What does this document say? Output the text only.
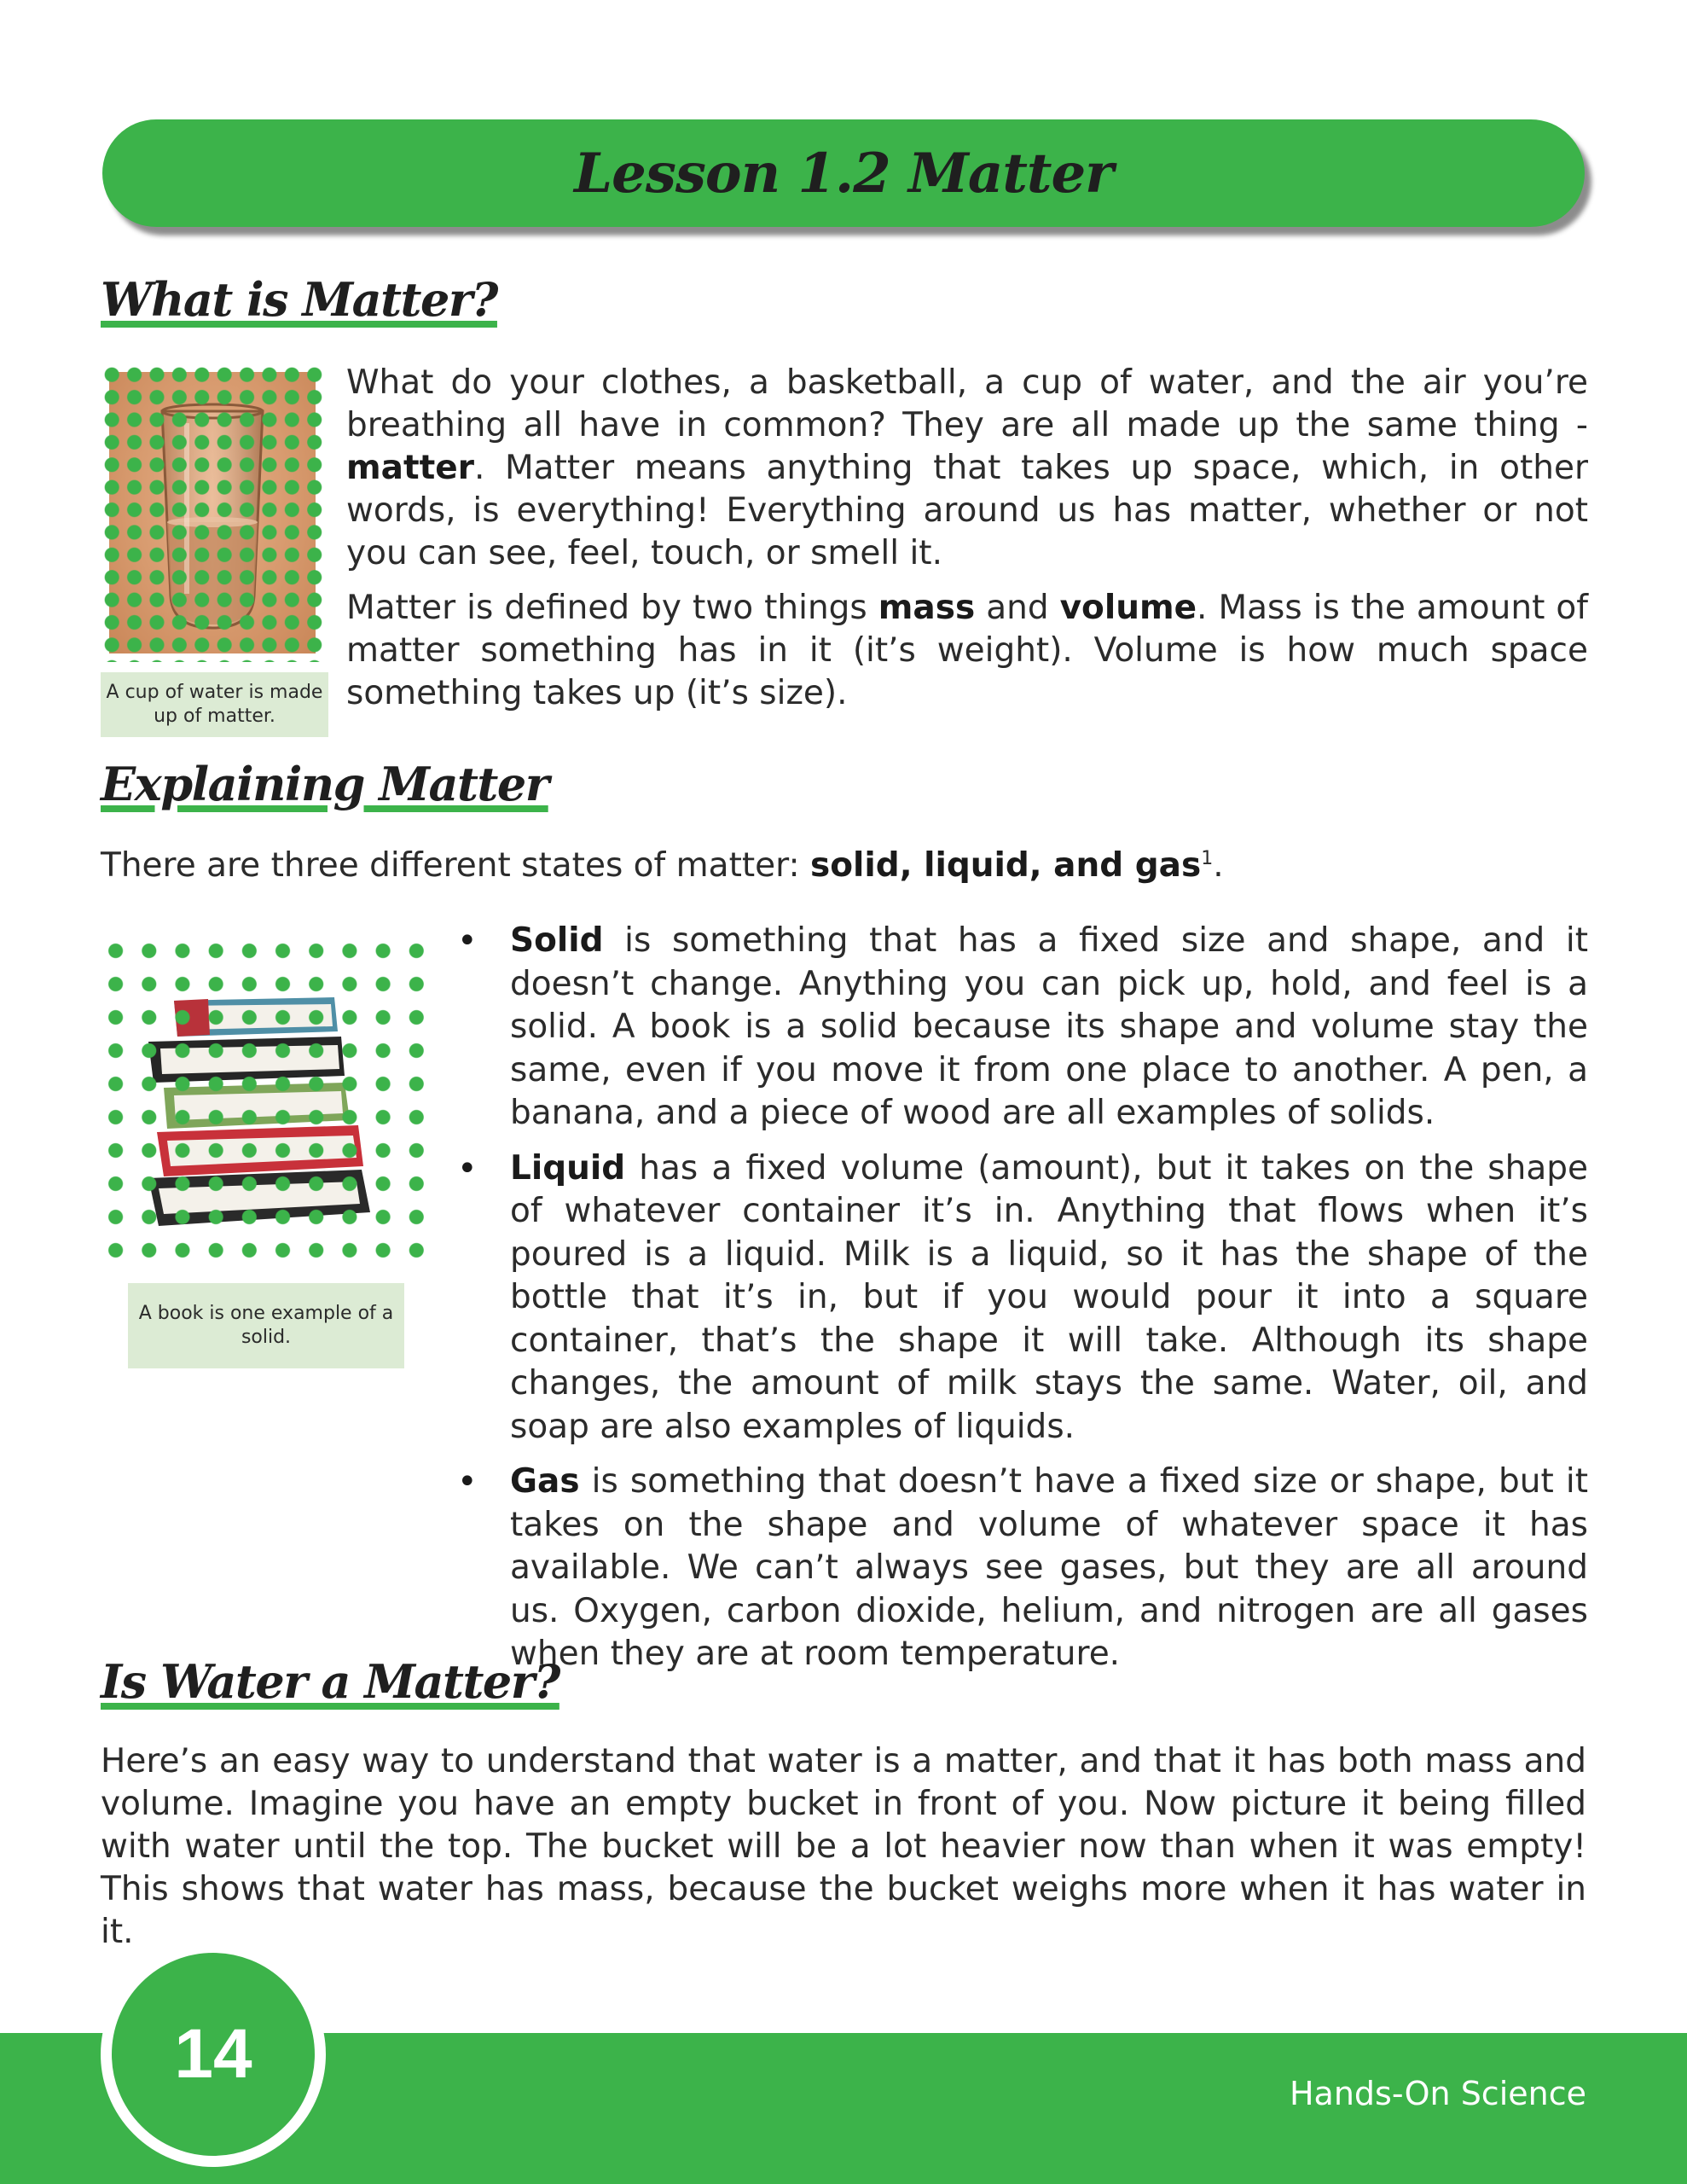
Lesson 1.2 Matter
What is Matter?
A cup of water is made up of matter.

What do your clothes, a basketball, a cup of water, and the air you’re breathing all have in common? They are all made up the same thing - matter. Matter means anything that takes up space, which, in other words, is everything! Everything around us has matter, whether or not you can see, feel, touch, or smell it.

Matter is defined by two things mass and volume. Mass is the amount of matter something has in it (it’s weight). Volume is how much space something takes up (it’s size).

Explaining Matter

There are three different states of matter: solid, liquid, and gas$^1$.

A book is one example of a solid.
• Solid is something that has a fixed size and shape, and it doesn’t change. Anything you can pick up, hold, and feel is a solid. A book is a solid because its shape and volume stay the same, even if you move it from one place to another. A pen, a banana, and a piece of wood are all examples of solids.
• Liquid has a fixed volume (amount), but it takes on the shape of whatever container it’s in. Anything that flows when it’s poured is a liquid. Milk is a liquid, so it has the shape of the bottle that it’s in, but if you would pour it into a square container, that’s the shape it will take. Although its shape changes, the amount of milk stays the same. Water, oil, and soap are also examples of liquids.
• Gas is something that doesn’t have a fixed size or shape, but it takes on the shape and volume of whatever space it has available. We can’t always see gases, but they are all around us. Oxygen, carbon dioxide, helium, and nitrogen are all gases when they are at room temperature.
Is Water a Matter?

Here’s an easy way to understand that water is a matter, and that it has both mass and volume. Imagine you have an empty bucket in front of you. Now picture it being filled with water until the top. The bucket will be a lot heavier now than when it was empty! This shows that water has mass, because the bucket weighs more when it has water in it.

14
Hands-On Science
